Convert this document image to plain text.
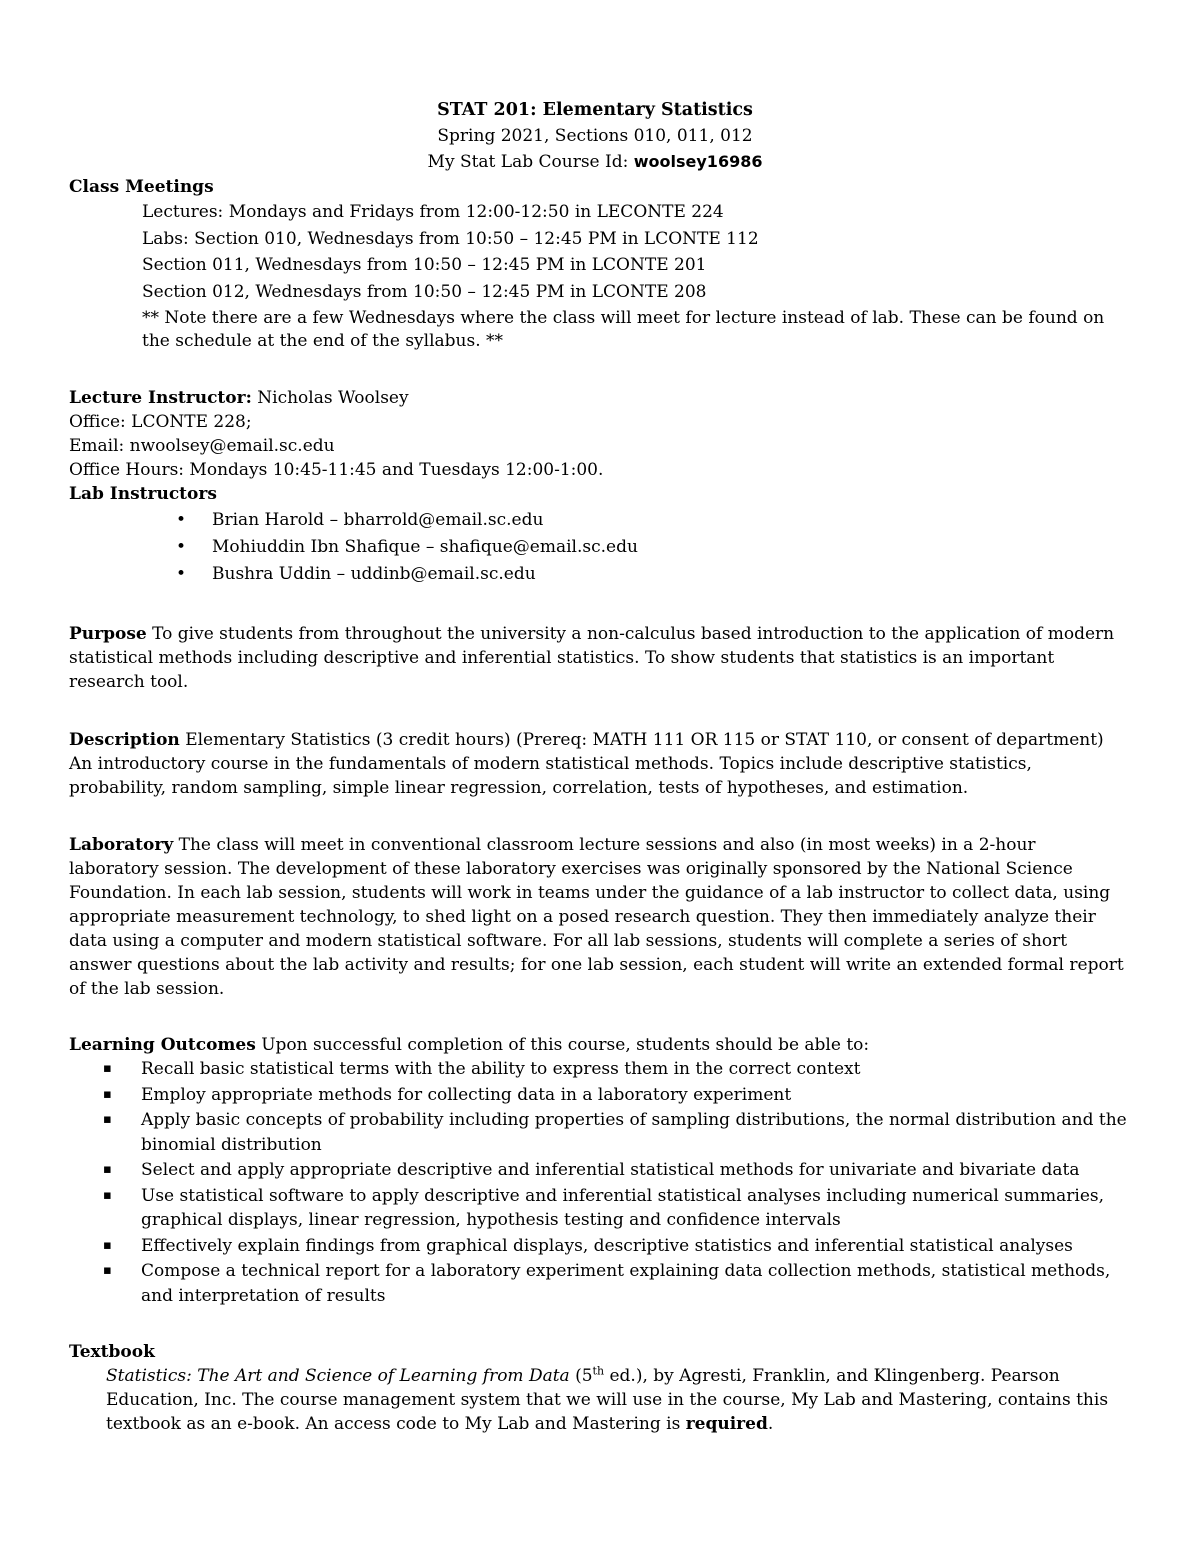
STAT 201: Elementary Statistics
Spring 2021, Sections 010, 011, 012
My Stat Lab Course Id: woolsey16986
Class Meetings
Lectures: Mondays and Fridays from 12:00-12:50 in LECONTE 224
Labs: Section 010, Wednesdays from 10:50 – 12:45 PM in LCONTE 112
Section 011, Wednesdays from 10:50 – 12:45 PM in LCONTE 201
Section 012, Wednesdays from 10:50 – 12:45 PM in LCONTE 208
** Note there are a few Wednesdays where the class will meet for lecture instead of lab. These can be found on the schedule at the end of the syllabus. **
Lecture Instructor: Nicholas Woolsey
Office: LCONTE 228;
Email: nwoolsey@email.sc.edu
Office Hours: Mondays 10:45-11:45 and Tuesdays 12:00-1:00.
Lab Instructors
• Brian Harold – bharrold@email.sc.edu
• Mohiuddin Ibn Shafique – shafique@email.sc.edu
• Bushra Uddin – uddinb@email.sc.edu
Purpose To give students from throughout the university a non-calculus based introduction to the application of modern statistical methods including descriptive and inferential statistics. To show students that statistics is an important research tool.
Description Elementary Statistics (3 credit hours) (Prereq: MATH 111 OR 115 or STAT 110, or consent of department) An introductory course in the fundamentals of modern statistical methods. Topics include descriptive statistics, probability, random sampling, simple linear regression, correlation, tests of hypotheses, and estimation.
Laboratory The class will meet in conventional classroom lecture sessions and also (in most weeks) in a 2-hour laboratory session. The development of these laboratory exercises was originally sponsored by the National Science Foundation. In each lab session, students will work in teams under the guidance of a lab instructor to collect data, using appropriate measurement technology, to shed light on a posed research question. They then immediately analyze their data using a computer and modern statistical software. For all lab sessions, students will complete a series of short answer questions about the lab activity and results; for one lab session, each student will write an extended formal report of the lab session.
Learning Outcomes Upon successful completion of this course, students should be able to:
▪ Recall basic statistical terms with the ability to express them in the correct context
▪ Employ appropriate methods for collecting data in a laboratory experiment
▪ Apply basic concepts of probability including properties of sampling distributions, the normal distribution and the binomial distribution
▪ Select and apply appropriate descriptive and inferential statistical methods for univariate and bivariate data
▪ Use statistical software to apply descriptive and inferential statistical analyses including numerical summaries, graphical displays, linear regression, hypothesis testing and confidence intervals
▪ Effectively explain findings from graphical displays, descriptive statistics and inferential statistical analyses
▪ Compose a technical report for a laboratory experiment explaining data collection methods, statistical methods, and interpretation of results
Textbook
Statistics: The Art and Science of Learning from Data (5th ed.), by Agresti, Franklin, and Klingenberg. Pearson Education, Inc. The course management system that we will use in the course, My Lab and Mastering, contains this textbook as an e-book. An access code to My Lab and Mastering is required.
